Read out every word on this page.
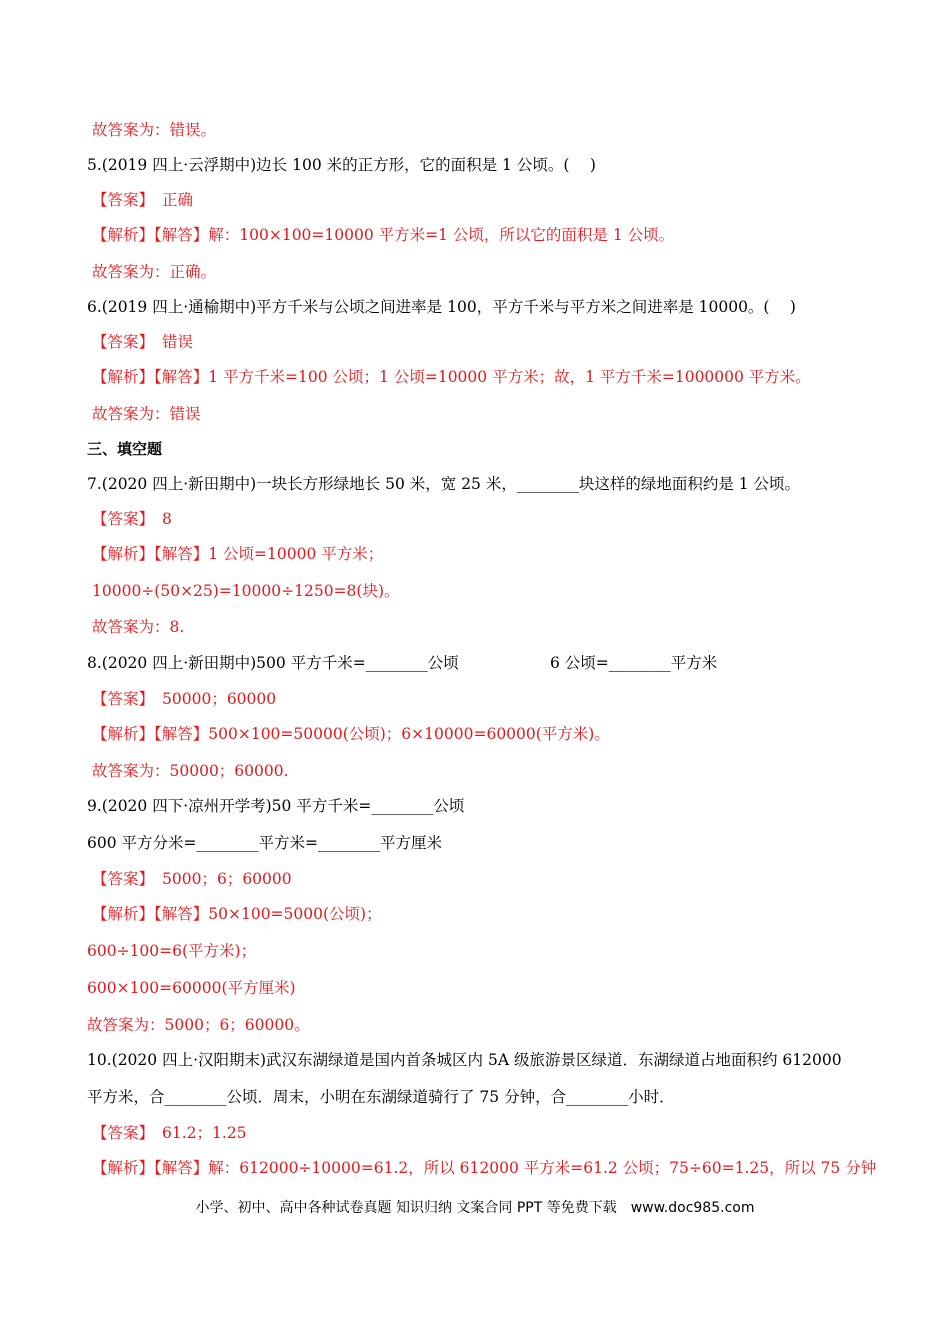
故答案为：错误。
5.(2019 四上·云浮期中)边长 100 米的正方形，它的面积是 1 公顷。(　 )
【答案】 正确
【解析】【解答】解：100×100=10000 平方米=1 公顷，所以它的面积是 1 公顷。
故答案为：正确。
6.(2019 四上·通榆期中)平方千米与公顷之间进率是 100，平方千米与平方米之间进率是 10000。(　 )
【答案】 错误
【解析】【解答】1 平方千米=100 公顷；1 公顷=10000 平方米；故，1 平方千米=1000000 平方米。
故答案为：错误
三、填空题
7.(2020 四上·新田期中)一块长方形绿地长 50 米，宽 25 米，________块这样的绿地面积约是 1 公顷。
【答案】 8
【解析】【解答】1 公顷=10000 平方米；
10000÷(50×25)=10000÷1250=8(块)。
故答案为：8.
8.(2020 四上·新田期中)500 平方千米=________公顷	6 公顷=________平方米
【答案】 50000；60000
【解析】【解答】500×100=50000(公顷)；6×10000=60000(平方米)。
故答案为：50000；60000.
9.(2020 四下·凉州开学考)50 平方千米=________公顷
600 平方分米=________平方米=________平方厘米
【答案】 5000；6；60000
【解析】【解答】50×100=5000(公顷)；
600÷100=6(平方米)；
600×100=60000(平方厘米)
故答案为：5000；6；60000。
10.(2020 四上·汉阳期末)武汉东湖绿道是国内首条城区内 5A 级旅游景区绿道．东湖绿道占地面积约 612000
平方米，合________公顷．周末，小明在东湖绿道骑行了 75 分钟，合________小时．
【答案】 61.2；1.25
【解析】【解答】解：612000÷10000=61.2，所以 612000 平方米=61.2 公顷；75÷60=1.25，所以 75 分钟
小学、初中、高中各种试卷真题 知识归纳 文案合同 PPT 等免费下载　www.doc985.com
